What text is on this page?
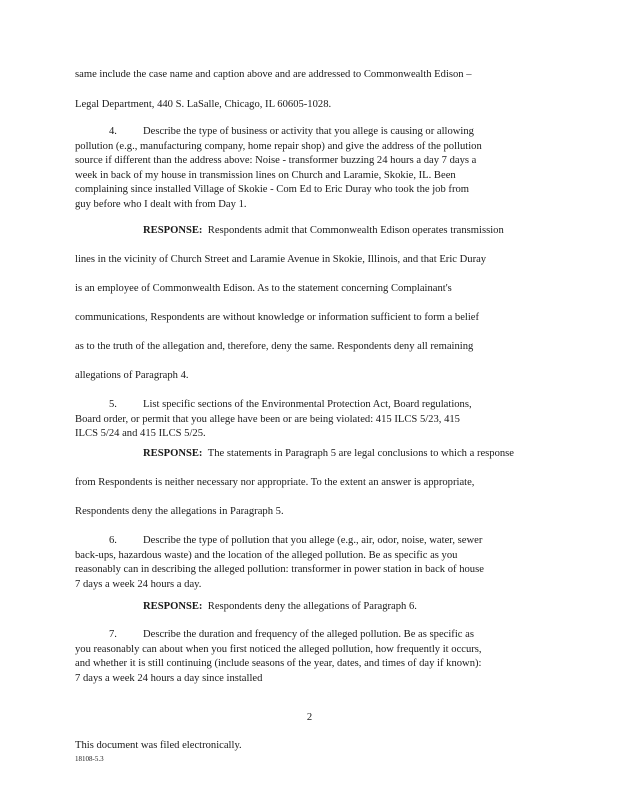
same include the case name and caption above and are addressed to Commonwealth Edison –
Legal Department, 440 S. LaSalle, Chicago, IL 60605-1028.
4. Describe the type of business or activity that you allege is causing or allowing
pollution (e.g., manufacturing company, home repair shop) and give the address of the pollution
source if different than the address above: Noise - transformer buzzing 24 hours a day 7 days a
week in back of my house in transmission lines on Church and Laramie, Skokie, IL. Been
complaining since installed Village of Skokie - Com Ed to Eric Duray who took the job from
guy before who I dealt with from Day 1.
RESPONSE: Respondents admit that Commonwealth Edison operates transmission
lines in the vicinity of Church Street and Laramie Avenue in Skokie, Illinois, and that Eric Duray
is an employee of Commonwealth Edison. As to the statement concerning Complainant's
communications, Respondents are without knowledge or information sufficient to form a belief
as to the truth of the allegation and, therefore, deny the same. Respondents deny all remaining
allegations of Paragraph 4.
5. List specific sections of the Environmental Protection Act, Board regulations,
Board order, or permit that you allege have been or are being violated: 415 ILCS 5/23, 415
ILCS 5/24 and 415 ILCS 5/25.
RESPONSE: The statements in Paragraph 5 are legal conclusions to which a response
from Respondents is neither necessary nor appropriate. To the extent an answer is appropriate,
Respondents deny the allegations in Paragraph 5.
6. Describe the type of pollution that you allege (e.g., air, odor, noise, water, sewer
back-ups, hazardous waste) and the location of the alleged pollution. Be as specific as you
reasonably can in describing the alleged pollution: transformer in power station in back of house
7 days a week 24 hours a day.
RESPONSE: Respondents deny the allegations of Paragraph 6.
7. Describe the duration and frequency of the alleged pollution. Be as specific as
you reasonably can about when you first noticed the alleged pollution, how frequently it occurs,
and whether it is still continuing (include seasons of the year, dates, and times of day if known):
7 days a week 24 hours a day since installed
2
This document was filed electronically.
18108-5.3
